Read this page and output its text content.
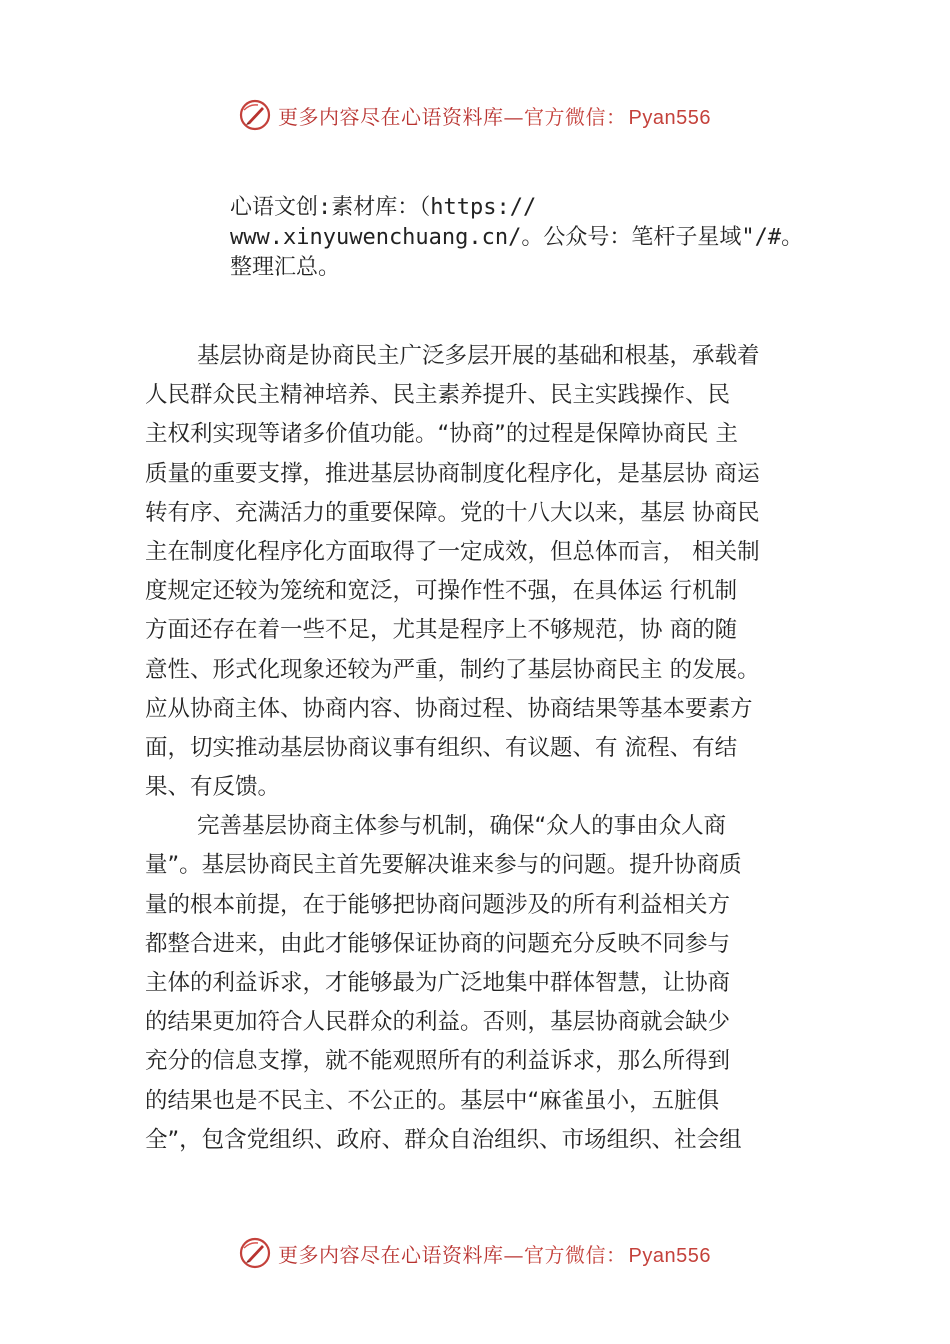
更多内容尽在心语资料库—官方微信： Pyan556

心语文创:素材库：（https://

www.xinyuwenchuang.cn/。公众号：笔杆子星域"/#。

整理汇总。

基层协商是协商民主广泛多层开展的基础和根基，承载着
人民群众民主精神培养、民主素养提升、民主实践操作、民
主权利实现等诸多价值功能。“协商”的过程是保障协商民 主
质量的重要支撑，推进基层协商制度化程序化，是基层协 商运
转有序、充满活力的重要保障。党的十八大以来，基层 协商民
主在制度化程序化方面取得了一定成效，但总体而言， 相关制
度规定还较为笼统和宽泛，可操作性不强，在具体运 行机制
方面还存在着一些不足，尤其是程序上不够规范，协 商的随
意性、形式化现象还较为严重，制约了基层协商民主 的发展。
应从协商主体、协商内容、协商过程、协商结果等基本要素方
面，切实推动基层协商议事有组织、有议题、有 流程、有结
果、有反馈。
完善基层协商主体参与机制，确保“众人的事由众人商
量”。基层协商民主首先要解决谁来参与的问题。提升协商质
量的根本前提，在于能够把协商问题涉及的所有利益相关方
都整合进来，由此才能够保证协商的问题充分反映不同参与
主体的利益诉求，才能够最为广泛地集中群体智慧，让协商
的结果更加符合人民群众的利益。否则，基层协商就会缺少
充分的信息支撑，就不能观照所有的利益诉求，那么所得到
的结果也是不民主、不公正的。基层中“麻雀虽小，五脏俱
全”，包含党组织、政府、群众自治组织、市场组织、社会组
更多内容尽在心语资料库—官方微信： Pyan556
